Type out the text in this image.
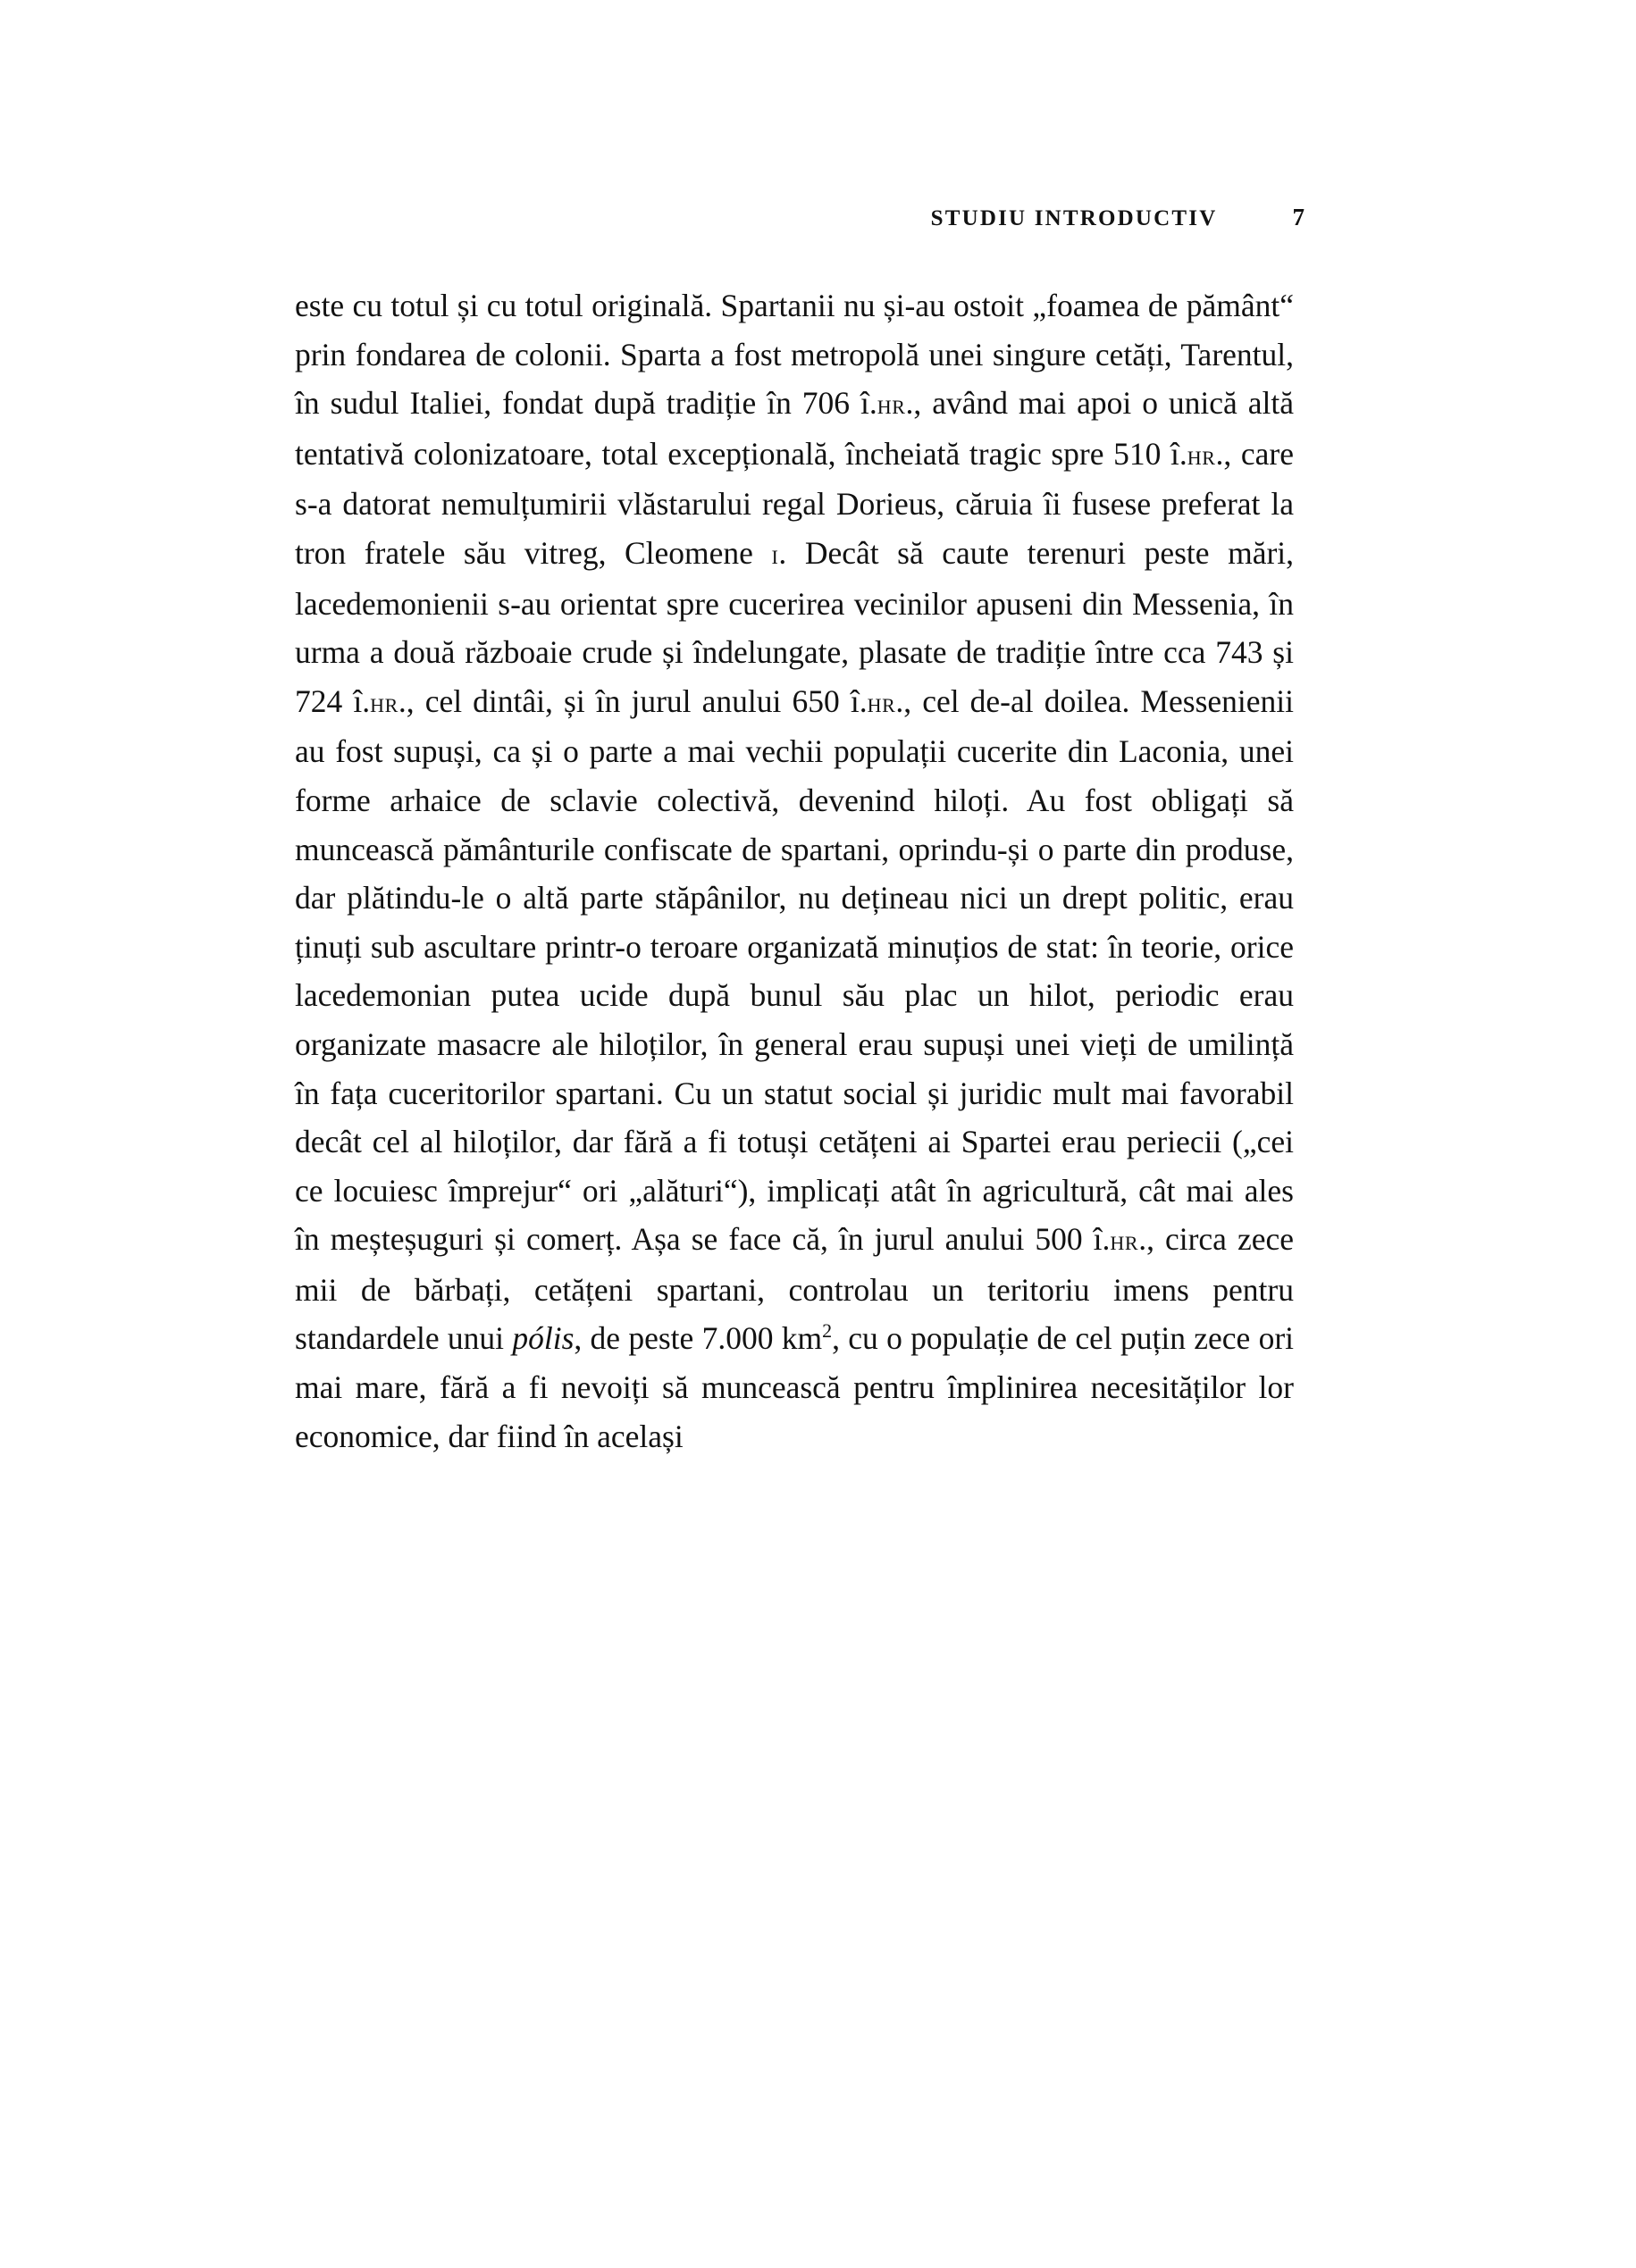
STUDIU INTRODUCTIV	7

este cu totul și cu totul originală. Spartanii nu și-au ostoit „foamea de pământ“ prin fondarea de colonii. Sparta a fost metropolă unei singure cetăți, Tarentul, în sudul Italiei, fondat după tradiție în 706 î.hr., având mai apoi o unică altă tentativă colonizatoare, total excepțională, încheiată tragic spre 510 î.hr., care s-a datorat nemulțumirii vlăstarului regal Dorieus, căruia îi fusese preferat la tron fratele său vitreg, Cleomene i. Decât să caute terenuri peste mări, lacedemonienii s-au orientat spre cucerirea vecinilor apuseni din Messenia, în urma a două războaie crude și îndelungate, plasate de tradiție între cca 743 și 724 î.hr., cel dintâi, și în jurul anului 650 î.hr., cel de-al doilea. Messenienii au fost supuși, ca și o parte a mai vechii populații cucerite din Laconia, unei forme arhaice de sclavie colectivă, devenind hiloți. Au fost obligați să muncească pământurile confiscate de spartani, oprindu-și o parte din produse, dar plătindu-le o altă parte stăpânilor, nu dețineau nici un drept politic, erau ținuți sub ascultare printr-o teroare organizată minuțios de stat: în teorie, orice lacedemonian putea ucide după bunul său plac un hilot, periodic erau organizate masacre ale hiloților, în general erau supuși unei vieți de umilință în fața cuceritorilor spartani. Cu un statut social și juridic mult mai favorabil decât cel al hiloților, dar fără a fi totuși cetățeni ai Spartei erau periecii („cei ce locuiesc împrejur“ ori „alături“), implicați atât în agricultură, cât mai ales în meșteșuguri și comerț. Așa se face că, în jurul anului 500 î.hr., circa zece mii de bărbați, cetățeni spartani, controlau un teritoriu imens pentru standardele unui pólis, de peste 7.000 $km^2$, cu o populație de cel puțin zece ori mai mare, fără a fi nevoiți să muncească pentru împlinirea necesităților lor economice, dar fiind în același
